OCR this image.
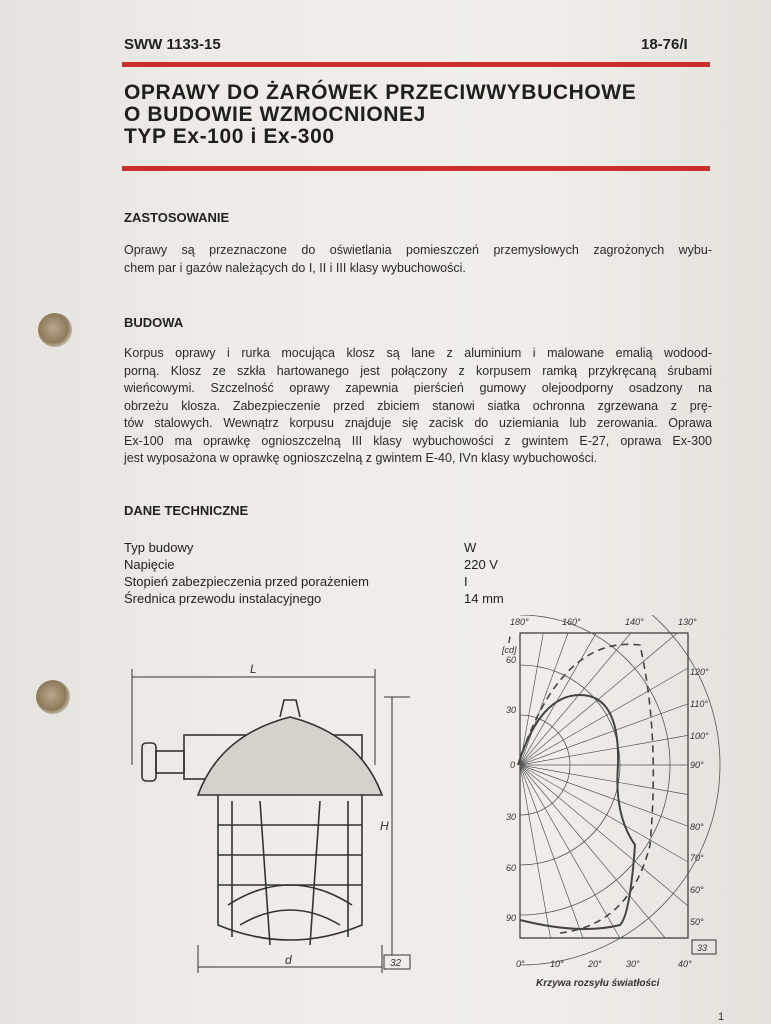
SWW 1133-15	18-76/I
OPRAWY DO ŻARÓWEK PRZECIWWYBUCHOWE
O BUDOWIE WZMOCNIONEJ
TYP Ex-100 i Ex-300
ZASTOSOWANIE
Oprawy są przeznaczone do oświetlania pomieszczeń przemysłowych zagrożonych wybu-
chem par i gazów należących do I, II i III klasy wybuchowości.
BUDOWA
Korpus oprawy i rurka mocująca klosz są lane z aluminium i malowane emalią wodood-
porną. Klosz ze szkła hartowanego jest połączony z korpusem ramką przykręcaną śrubami
wieńcowymi. Szczelność oprawy zapewnia pierścień gumowy olejoodporny osadzony na
obrzeżu klosza. Zabezpieczenie przed zbiciem stanowi siatka ochronna zgrzewana z prę-
tów stalowych. Wewnątrz korpusu znajduje się zacisk do uziemiania lub zerowania. Oprawa
Ex-100 ma oprawkę ognioszczelną III klasy wybuchowości z gwintem E-27, oprawa Ex-300
jest wyposażona w oprawkę ognioszczelną z gwintem E-40, IVn klasy wybuchowości.
DANE TECHNICZNE
Typ budowy	W
Napięcie	220 V
Stopień zabezpieczenia przed porażeniem	I
Średnica przewodu instalacyjnego	14 mm
L
H
d	32
I
[cd]
60
30
0
30
60
90
180°	160°	140°	130°
120°
110°
100°
90°
80°
70°
60°
50°
0°	10°	20°	30°	40°
33
Krzywa rozsyłu światłości
1
